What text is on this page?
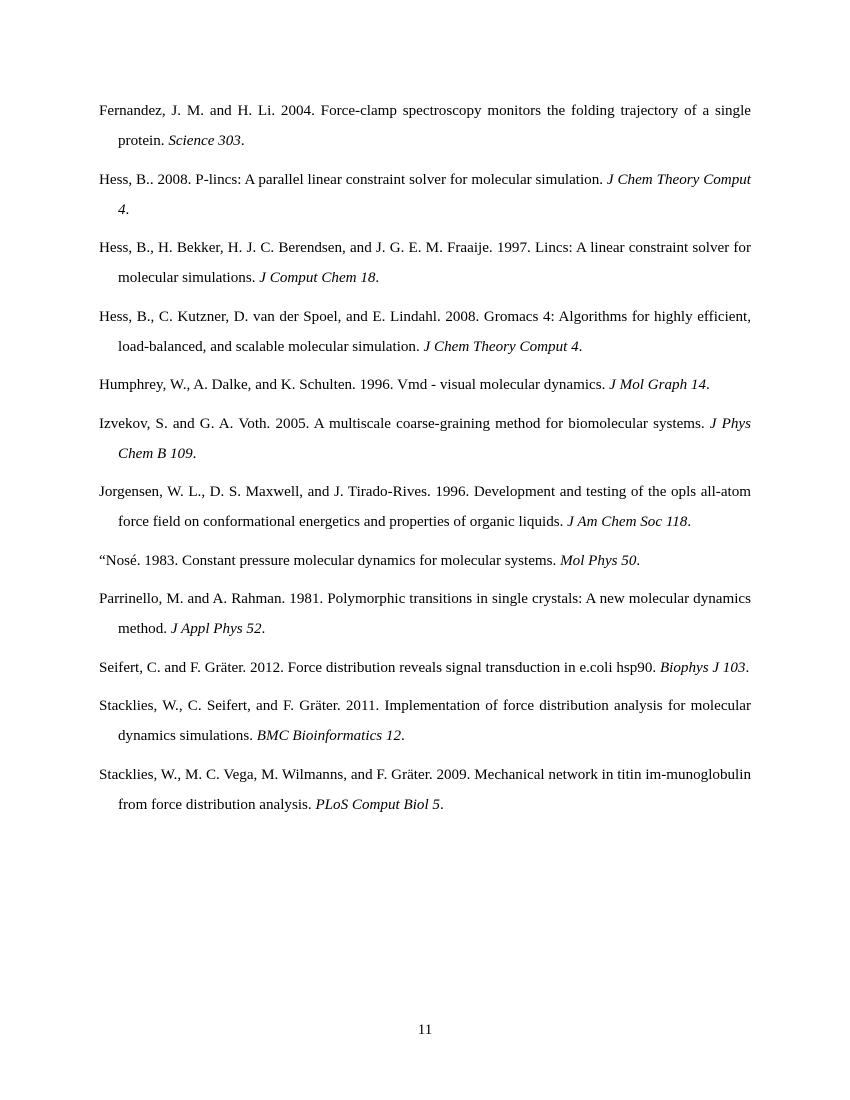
Fernandez, J. M. and H. Li. 2004. Force-clamp spectroscopy monitors the folding trajectory of a single protein. Science 303.

Hess, B.. 2008. P-lincs: A parallel linear constraint solver for molecular simulation. J Chem Theory Comput 4.

Hess, B., H. Bekker, H. J. C. Berendsen, and J. G. E. M. Fraaije. 1997. Lincs: A linear constraint solver for molecular simulations. J Comput Chem 18.

Hess, B., C. Kutzner, D. van der Spoel, and E. Lindahl. 2008. Gromacs 4: Algorithms for highly efficient, load-balanced, and scalable molecular simulation. J Chem Theory Comput 4.

Humphrey, W., A. Dalke, and K. Schulten. 1996. Vmd - visual molecular dynamics. J Mol Graph 14.

Izvekov, S. and G. A. Voth. 2005. A multiscale coarse-graining method for biomolecular systems. J Phys Chem B 109.

Jorgensen, W. L., D. S. Maxwell, and J. Tirado-Rives. 1996. Development and testing of the opls all-atom force field on conformational energetics and properties of organic liquids. J Am Chem Soc 118.

“Nosé. 1983. Constant pressure molecular dynamics for molecular systems. Mol Phys 50.

Parrinello, M. and A. Rahman. 1981. Polymorphic transitions in single crystals: A new molecular dynamics method. J Appl Phys 52.

Seifert, C. and F. Gräter. 2012. Force distribution reveals signal transduction in e.coli hsp90. Biophys J 103.

Stacklies, W., C. Seifert, and F. Gräter. 2011. Implementation of force distribution analysis for molecular dynamics simulations. BMC Bioinformatics 12.

Stacklies, W., M. C. Vega, M. Wilmanns, and F. Gräter. 2009. Mechanical network in titin im-munoglobulin from force distribution analysis. PLoS Comput Biol 5.

11
